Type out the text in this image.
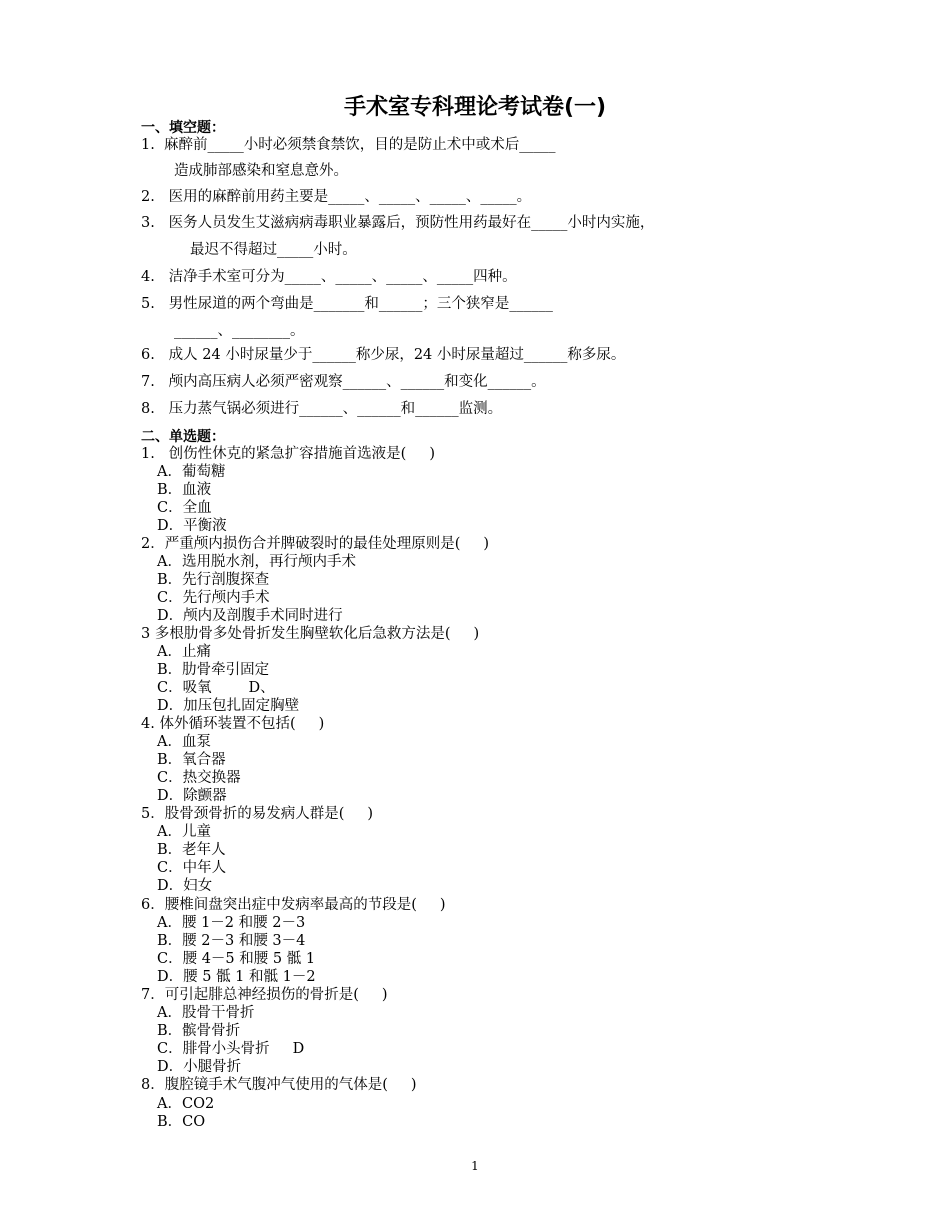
手术室专科理论考试卷(一)
一、填空题：
1.  麻醉前_____小时必须禁食禁饮，目的是防止术中或术后_____
造成肺部感染和窒息意外。
2.   医用的麻醉前用药主要是_____、_____、_____、_____。
3.   医务人员发生艾滋病病毒职业暴露后，预防性用药最好在_____小时内实施，
最迟不得超过_____小时。
4.   洁净手术室可分为_____、_____、_____、_____四种。
5.   男性尿道的两个弯曲是_______和______；三个狭窄是______
______、________。
6.   成人 24 小时尿量少于______称少尿，24 小时尿量超过______称多尿。
7.   颅内高压病人必须严密观察______、______和变化______。
8.   压力蒸气锅必须进行______、______和______监测。
二、单选题：
1.   创伤性休克的紧急扩容措施首选液是(     )
A．葡萄糖
B．血液
C．全血
D．平衡液
2．严重颅内损伤合并脾破裂时的最佳处理原则是(     )
A．选用脱水剂，再行颅内手术
B．先行剖腹探查
C．先行颅内手术
D．颅内及剖腹手术同时进行
3 多根肋骨多处骨折发生胸壁软化后急救方法是(     )
A．止痛
B．肋骨牵引固定
C．吸氧        D、
D．加压包扎固定胸壁
4. 体外循环装置不包括(     )
A．血泵
B．氧合器
C．热交换器
D．除颤器
5．股骨颈骨折的易发病人群是(     )
A．儿童
B．老年人
C．中年人
D．妇女
6．腰椎间盘突出症中发病率最高的节段是(     )
A．腰 1－2 和腰 2－3
B．腰 2－3 和腰 3－4
C．腰 4－5 和腰 5 骶 1
D．腰 5 骶 1 和骶 1－2
7．可引起腓总神经损伤的骨折是(     )
A．股骨干骨折
B．髌骨骨折
C．腓骨小头骨折     D
D．小腿骨折
8．腹腔镜手术气腹冲气使用的气体是(     )
A．CO2
B．CO
1
